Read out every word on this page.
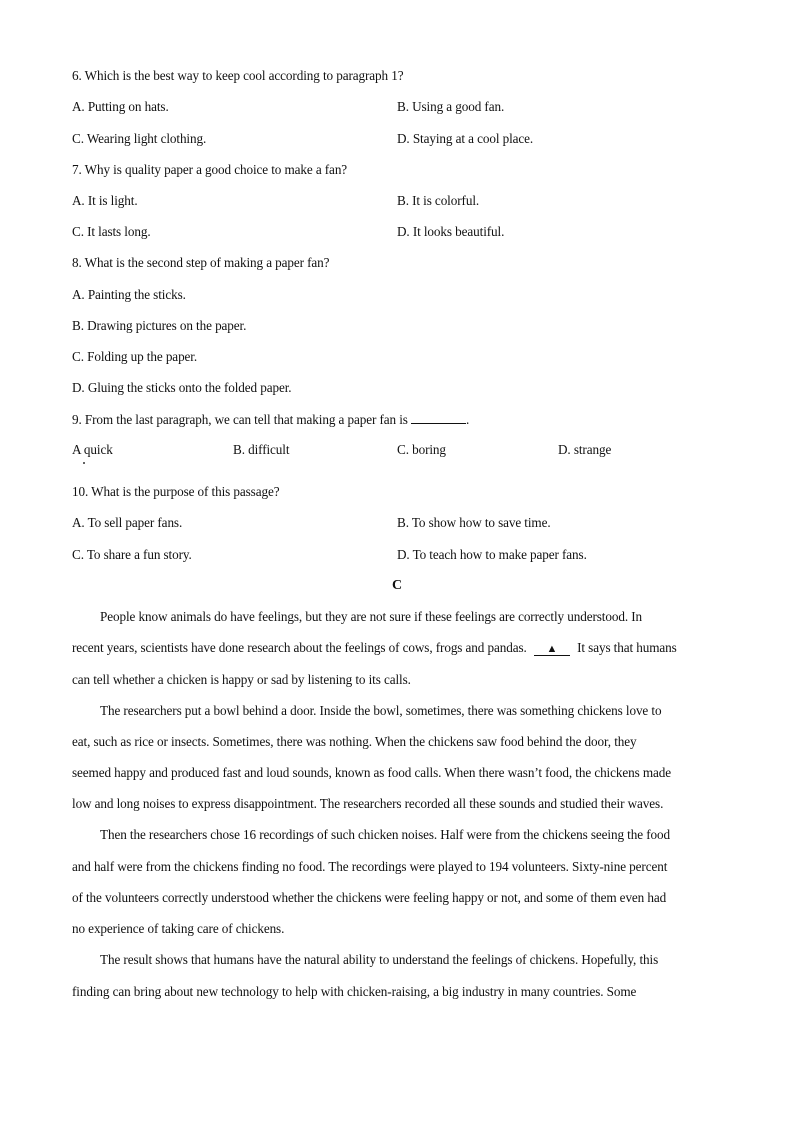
6. Which is the best way to keep cool according to paragraph 1?
A. Putting on hats.	B. Using a good fan.
C. Wearing light clothing.	D. Staying at a cool place.
7. Why is quality paper a good choice to make a fan?
A. It is light.	B. It is colorful.
C. It lasts long.	D. It looks beautiful.
8. What is the second step of making a paper fan?
A. Painting the sticks.
B. Drawing pictures on the paper.
C. Folding up the paper.
D. Gluing the sticks onto the folded paper.
9. From the last paragraph, we can tell that making a paper fan is	.
A quick	B. difficult	C. boring	D. strange
10. What is the purpose of this passage?
A. To sell paper fans.	B. To show how to save time.
C. To share a fun story.	D. To teach how to make paper fans.
C
People know animals do have feelings, but they are not sure if these feelings are correctly understood. In
recent years, scientists have done research about the feelings of cows, frogs and pandas. ▲ It says that humans
can tell whether a chicken is happy or sad by listening to its calls.
The researchers put a bowl behind a door. Inside the bowl, sometimes, there was something chickens love to
eat, such as rice or insects. Sometimes, there was nothing. When the chickens saw food behind the door, they
seemed happy and produced fast and loud sounds, known as food calls. When there wasn’t food, the chickens made
low and long noises to express disappointment. The researchers recorded all these sounds and studied their waves.
Then the researchers chose 16 recordings of such chicken noises. Half were from the chickens seeing the food
and half were from the chickens finding no food. The recordings were played to 194 volunteers. Sixty-nine percent
of the volunteers correctly understood whether the chickens were feeling happy or not, and some of them even had
no experience of taking care of chickens.
The result shows that humans have the natural ability to understand the feelings of chickens. Hopefully, this
finding can bring about new technology to help with chicken-raising, a big industry in many countries. Some
